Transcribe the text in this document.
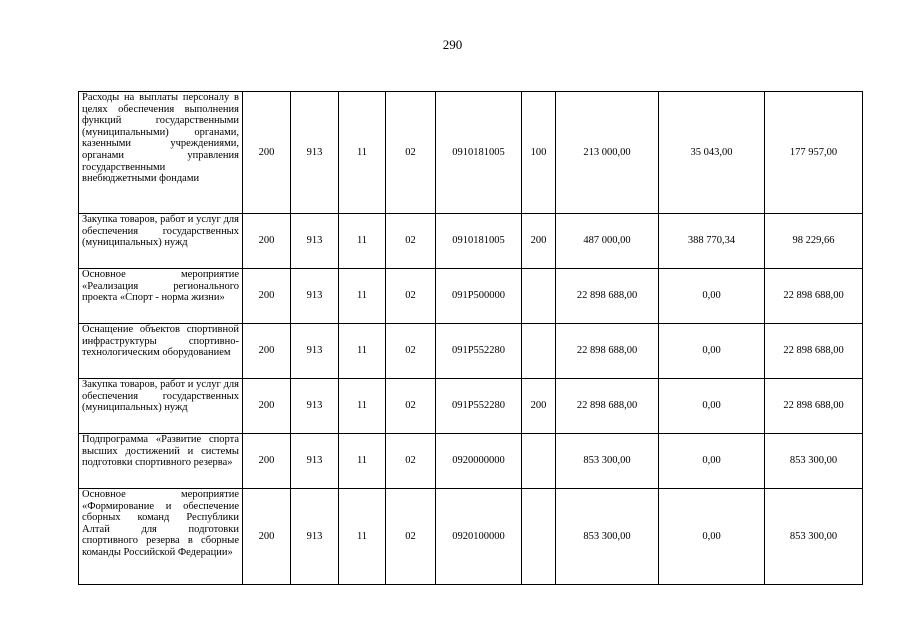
290
Расходы на выплаты персоналу в целях обеспечения выполнения функций государственными (муниципальными) органами, казенными учреждениями, органами управления государственными внебюджетными фондами	200	913	11	02	0910181005	100	213 000,00	35 043,00	177 957,00
Закупка товаров, работ и услуг для обеспечения государственных (муниципальных) нужд	200	913	11	02	0910181005	200	487 000,00	388 770,34	98 229,66
Основное мероприятие «Реализация регионального проекта «Спорт - норма жизни»	200	913	11	02	091P500000		22 898 688,00	0,00	22 898 688,00
Оснащение объектов спортивной инфраструктуры спортивно-технологическим оборудованием	200	913	11	02	091P552280		22 898 688,00	0,00	22 898 688,00
Закупка товаров, работ и услуг для обеспечения государственных (муниципальных) нужд	200	913	11	02	091P552280	200	22 898 688,00	0,00	22 898 688,00
Подпрограмма «Развитие спорта высших достижений и системы подготовки спортивного резерва»	200	913	11	02	0920000000		853 300,00	0,00	853 300,00
Основное мероприятие «Формирование и обеспечение сборных команд Республики Алтай для подготовки спортивного резерва в сборные команды Российской Федерации»	200	913	11	02	0920100000		853 300,00	0,00	853 300,00
